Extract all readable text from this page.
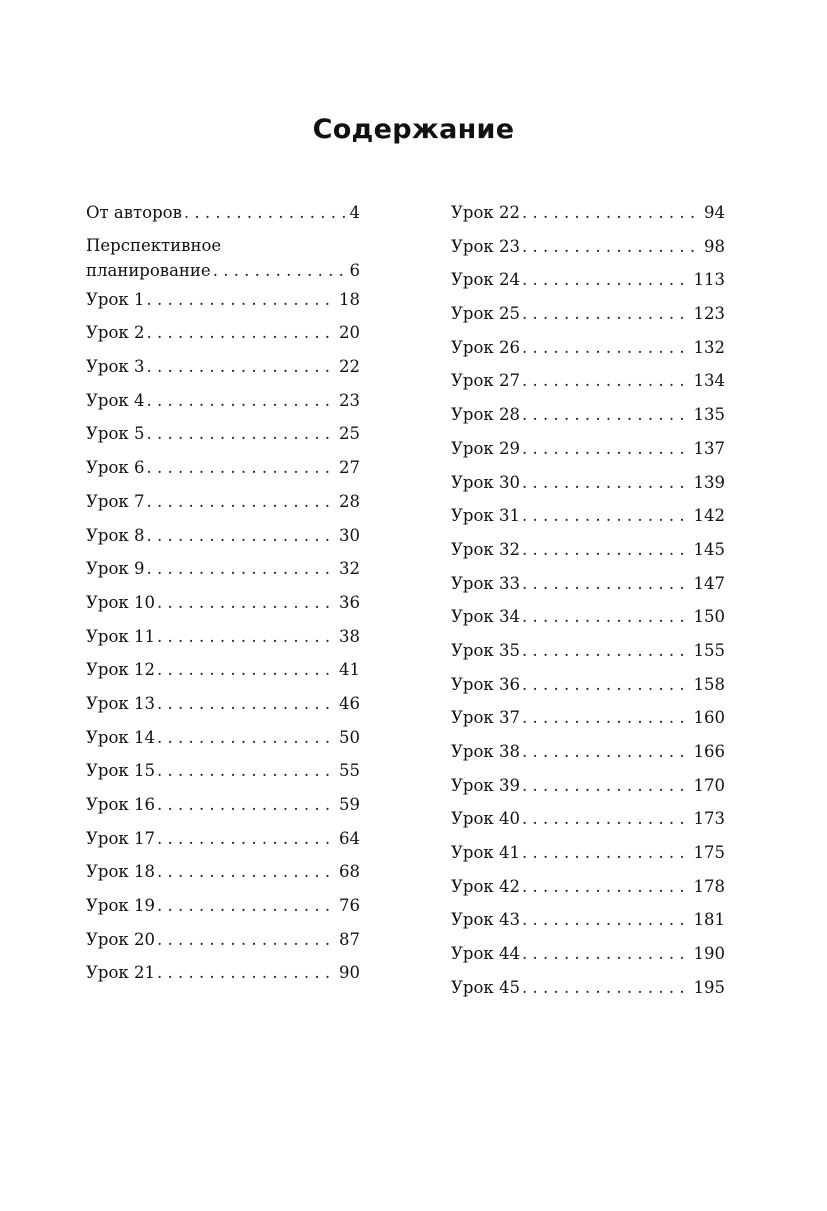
Содержание
От авторов . . .	4
Перспективное
планирование . . .	6
Урок 1 . . .	18
Урок 2 . . .	20
Урок 3 . . .	22
Урок 4 . . .	23
Урок 5 . . .	25
Урок 6 . . .	27
Урок 7 . . .	28
Урок 8 . . .	30
Урок 9 . . .	32
Урок 10 . . .	36
Урок 11 . . .	38
Урок 12 . . .	41
Урок 13 . . .	46
Урок 14 . . .	50
Урок 15 . . .	55
Урок 16 . . .	59
Урок 17 . . .	64
Урок 18 . . .	68
Урок 19 . . .	76
Урок 20 . . .	87
Урок 21 . . .	90
Урок 22 . . .	94
Урок 23 . . .	98
Урок 24 . . .	113
Урок 25 . . .	123
Урок 26 . . .	132
Урок 27 . . .	134
Урок 28 . . .	135
Урок 29 . . .	137
Урок 30 . . .	139
Урок 31 . . .	142
Урок 32 . . .	145
Урок 33 . . .	147
Урок 34 . . .	150
Урок 35 . . .	155
Урок 36 . . .	158
Урок 37 . . .	160
Урок 38 . . .	166
Урок 39 . . .	170
Урок 40 . . .	173
Урок 41 . . .	175
Урок 42 . . .	178
Урок 43 . . .	181
Урок 44 . . .	190
Урок 45 . . .	195
